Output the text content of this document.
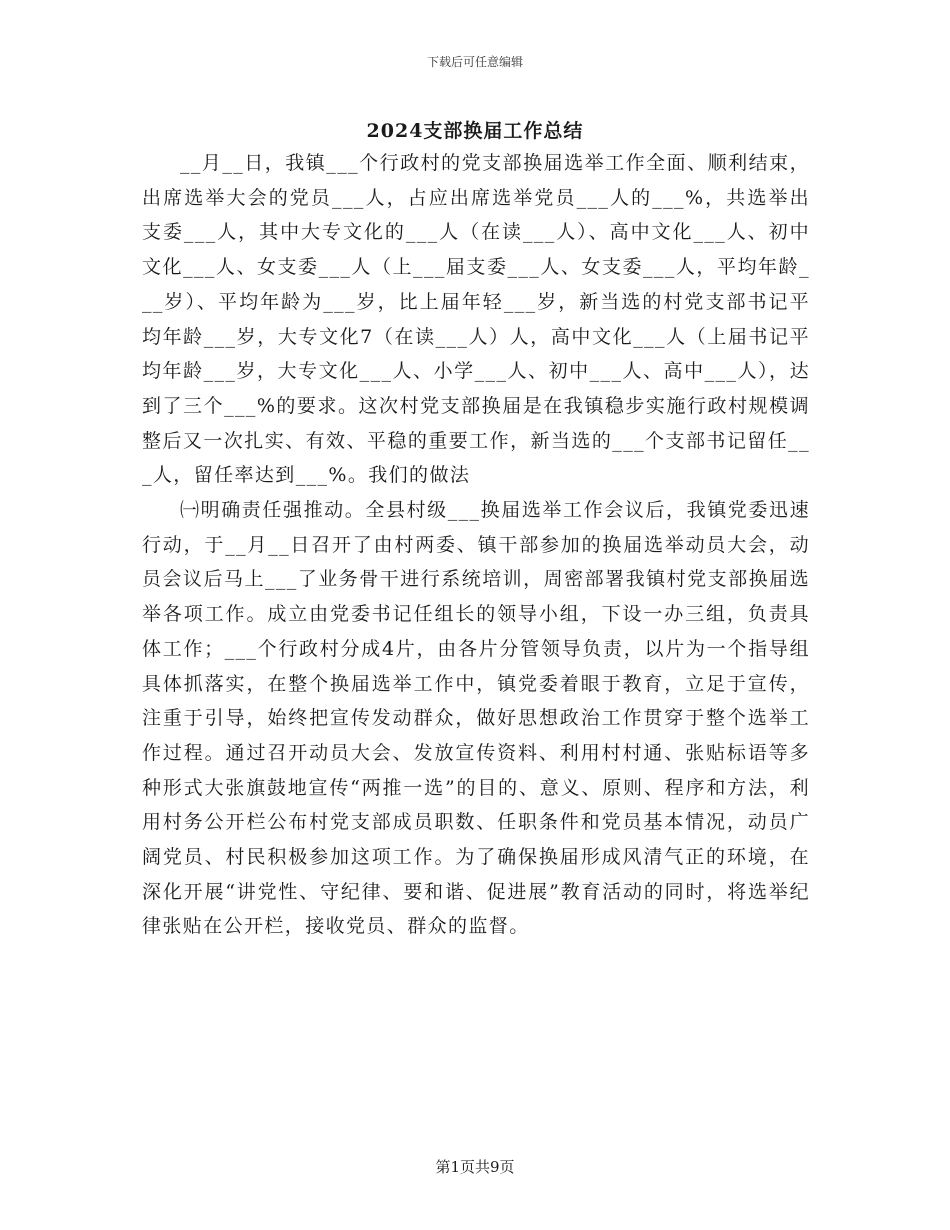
下载后可任意编辑
2024支部换届工作总结

__月__日，我镇___个行政村的党支部换届选举工作全面、顺利结束，出席选举大会的党员___人，占应出席选举党员___人的___%，共选举出支委___人，其中大专文化的___人（在读___人）、高中文化___人、初中文化___人、女支委___人（上___届支委___人、女支委___人，平均年龄___岁）、平均年龄为___岁，比上届年轻___岁，新当选的村党支部书记平均年龄___岁，大专文化7（在读___人）人，高中文化___人（上届书记平均年龄___岁，大专文化___人、小学___人、初中___人、高中___人），达到了三个___%的要求。这次村党支部换届是在我镇稳步实施行政村规模调整后又一次扎实、有效、平稳的重要工作，新当选的___个支部书记留任___人，留任率达到___%。我们的做法

㈠明确责任强推动。全县村级___换届选举工作会议后，我镇党委迅速行动，于__月__日召开了由村两委、镇干部参加的换届选举动员大会，动员会议后马上___了业务骨干进行系统培训，周密部署我镇村党支部换届选举各项工作。成立由党委书记任组长的领导小组，下设一办三组，负责具体工作；___个行政村分成4片，由各片分管领导负责，以片为一个指导组具体抓落实，在整个换届选举工作中，镇党委着眼于教育，立足于宣传，注重于引导，始终把宣传发动群众，做好思想政治工作贯穿于整个选举工作过程。通过召开动员大会、发放宣传资料、利用村村通、张贴标语等多种形式大张旗鼓地宣传“两推一选”的目的、意义、原则、程序和方法，利用村务公开栏公布村党支部成员职数、任职条件和党员基本情况，动员广阔党员、村民积极参加这项工作。为了确保换届形成风清气正的环境，在深化开展“讲党性、守纪律、要和谐、促进展”教育活动的同时，将选举纪律张贴在公开栏，接收党员、群众的监督。

第1页共9页
